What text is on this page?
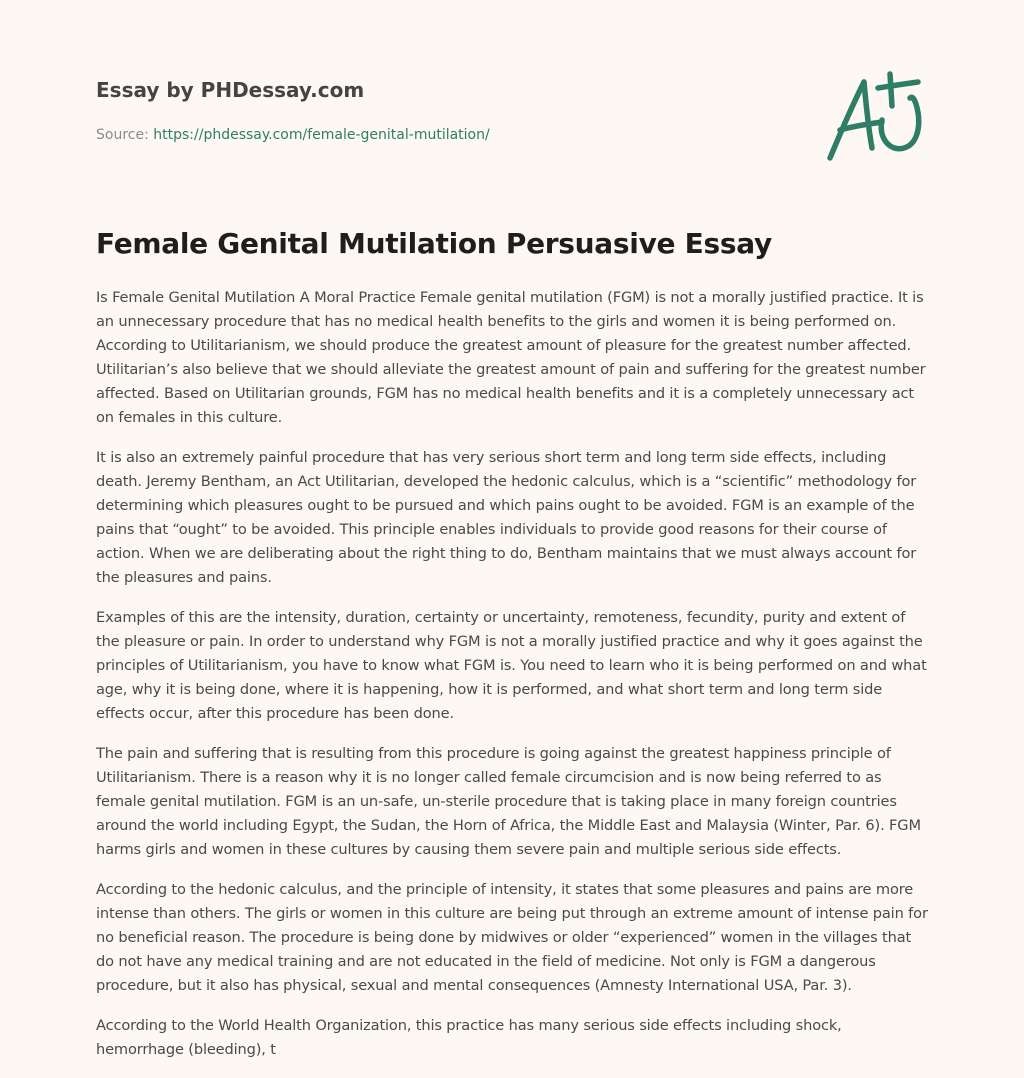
Essay by PHDessay.com
Source: https://phdessay.com/female-genital-mutilation/
Female Genital Mutilation Persuasive Essay

Is Female Genital Mutilation A Moral Practice Female genital mutilation (FGM) is not a morally justified practice. It is an unnecessary procedure that has no medical health benefits to the girls and women it is being performed on. According to Utilitarianism, we should produce the greatest amount of pleasure for the greatest number affected. Utilitarian’s also believe that we should alleviate the greatest amount of pain and suffering for the greatest number affected. Based on Utilitarian grounds, FGM has no medical health benefits and it is a completely unnecessary act on females in this culture.

It is also an extremely painful procedure that has very serious short term and long term side effects, including death. Jeremy Bentham, an Act Utilitarian, developed the hedonic calculus, which is a “scientific” methodology for determining which pleasures ought to be pursued and which pains ought to be avoided. FGM is an example of the pains that “ought” to be avoided. This principle enables individuals to provide good reasons for their course of action. When we are deliberating about the right thing to do, Bentham maintains that we must always account for the pleasures and pains.

Examples of this are the intensity, duration, certainty or uncertainty, remoteness, fecundity, purity and extent of the pleasure or pain. In order to understand why FGM is not a morally justified practice and why it goes against the principles of Utilitarianism, you have to know what FGM is. You need to learn who it is being performed on and what age, why it is being done, where it is happening, how it is performed, and what short term and long term side effects occur, after this procedure has been done.

The pain and suffering that is resulting from this procedure is going against the greatest happiness principle of Utilitarianism. There is a reason why it is no longer called female circumcision and is now being referred to as female genital mutilation. FGM is an un-safe, un-sterile procedure that is taking place in many foreign countries around the world including Egypt, the Sudan, the Horn of Africa, the Middle East and Malaysia (Winter, Par. 6). FGM harms girls and women in these cultures by causing them severe pain and multiple serious side effects.

According to the hedonic calculus, and the principle of intensity, it states that some pleasures and pains are more intense than others. The girls or women in this culture are being put through an extreme amount of intense pain for no beneficial reason. The procedure is being done by midwives or older “experienced” women in the villages that do not have any medical training and are not educated in the field of medicine. Not only is FGM a dangerous procedure, but it also has physical, sexual and mental consequences (Amnesty International USA, Par. 3).

According to the World Health Organization, this practice has many serious side effects including shock, hemorrhage (bleeding), t
